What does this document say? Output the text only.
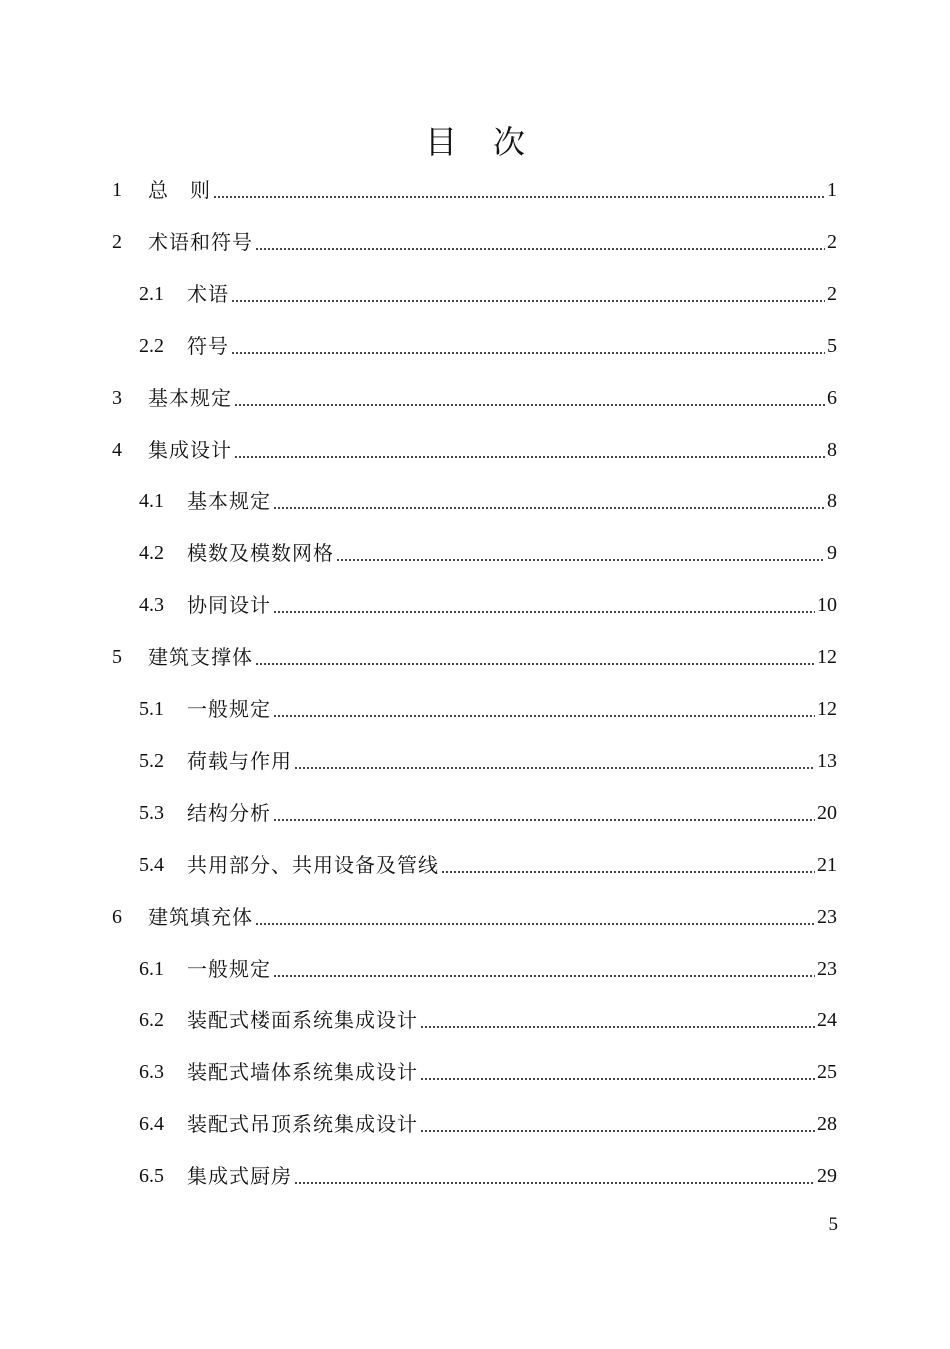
目 次
1	总　则	1
2	术语和符号	2
2.1	术语	2
2.2	符号	5
3	基本规定	6
4	集成设计	8
4.1	基本规定	8
4.2	模数及模数网格	9
4.3	协同设计	10
5	建筑支撑体	12
5.1	一般规定	12
5.2	荷载与作用	13
5.3	结构分析	20
5.4	共用部分、共用设备及管线	21
6	建筑填充体	23
6.1	一般规定	23
6.2	装配式楼面系统集成设计	24
6.3	装配式墙体系统集成设计	25
6.4	装配式吊顶系统集成设计	28
6.5	集成式厨房	29
5
